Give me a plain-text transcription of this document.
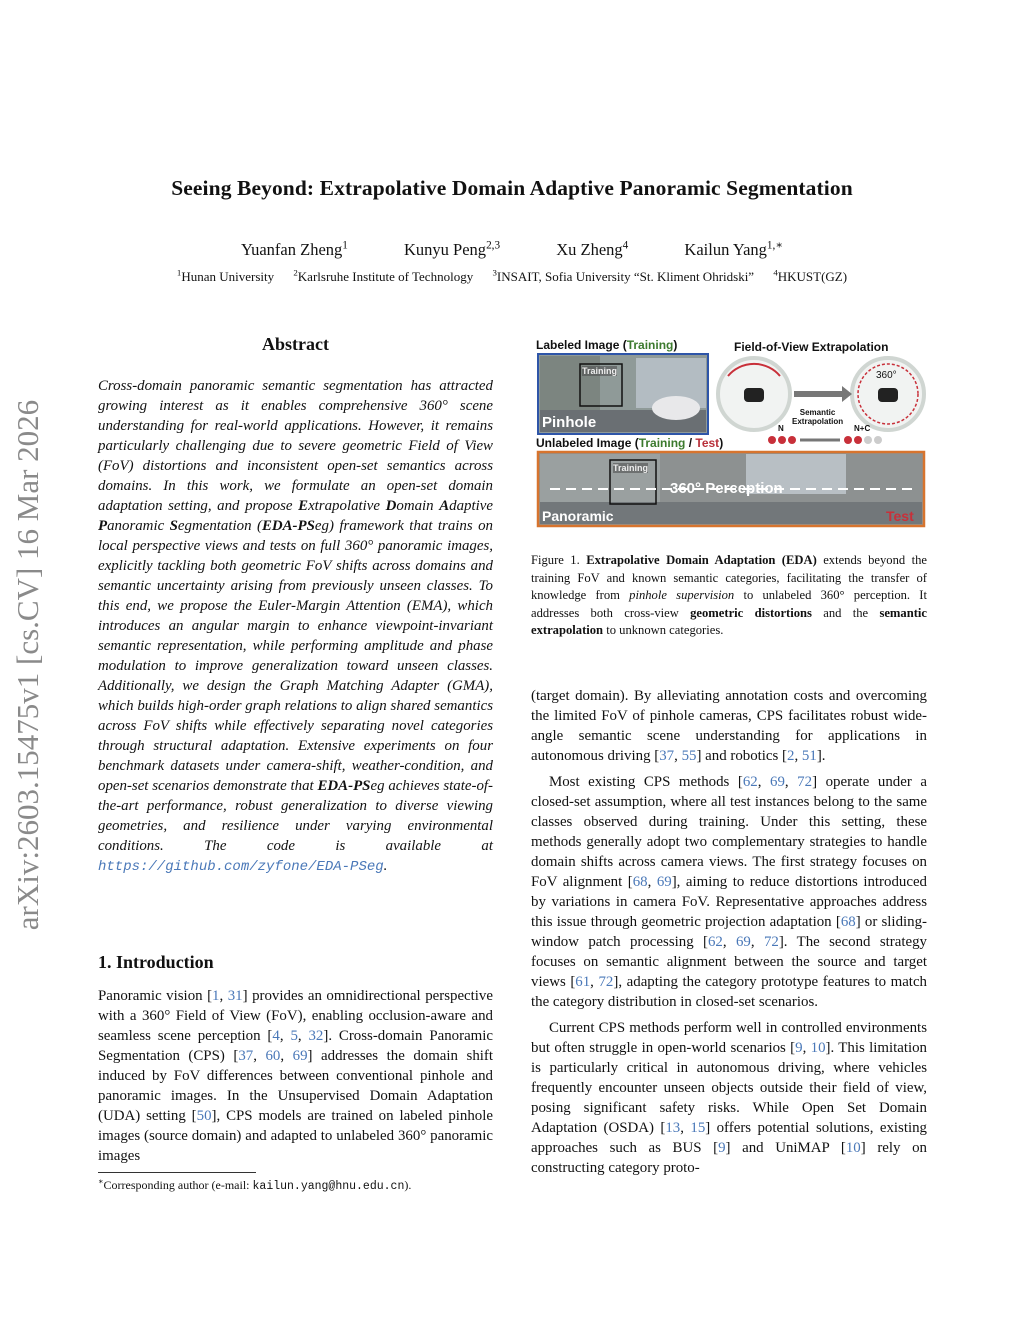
arXiv:2603.15475v1 [cs.CV] 16 Mar 2026
Seeing Beyond: Extrapolative Domain Adaptive Panoramic Segmentation
Yuanfan Zheng$^1$	Kunyu Peng$^{2,3}$	Xu Zheng$^4$	Kailun Yang$^{1,∗}$
$^1$Hunan University $^2$Karlsruhe Institute of Technology $^3$INSAIT, Sofia University “St. Kliment Ohridski” $^4$HKUST(GZ)
Abstract
Cross-domain panoramic semantic segmentation has attracted growing interest as it enables comprehensive 360° scene understanding for real-world applications. However, it remains particularly challenging due to severe geometric Field of View (FoV) distortions and inconsistent open-set semantics across domains. In this work, we formulate an open-set domain adaptation setting, and propose Extrapolative Domain Adaptive Panoramic Segmentation (EDA-PSeg) framework that trains on local perspective views and tests on full 360° panoramic images, explicitly tackling both geometric FoV shifts across domains and semantic uncertainty arising from previously unseen classes. To this end, we propose the Euler-Margin Attention (EMA), which introduces an angular margin to enhance viewpoint-invariant semantic representation, while performing amplitude and phase modulation to improve generalization toward unseen classes. Additionally, we design the Graph Matching Adapter (GMA), which builds high-order graph relations to align shared semantics across FoV shifts while effectively separating novel categories through structural adaptation. Extensive experiments on four benchmark datasets under camera-shift, weather-condition, and open-set scenarios demonstrate that EDA-PSeg achieves state-of-the-art performance, robust generalization to diverse viewing geometries, and resilience under varying environmental conditions. The code is available at https://github.com/zyfone/EDA-PSeg.
1. Introduction

Panoramic vision [1, 31] provides an omnidirectional perspective with a 360° Field of View (FoV), enabling occlusion-aware and seamless scene perception [4, 5, 32]. Cross-domain Panoramic Segmentation (CPS) [37, 60, 69] addresses the domain shift induced by FoV differences between conventional pinhole and panoramic images. In the Unsupervised Domain Adaptation (UDA) setting [50], CPS models are trained on labeled pinhole images (source domain) and adapted to unlabeled 360° panoramic images

∗Corresponding author (e-mail: kailun.yang@hnu.edu.cn).
Labeled Image (Training)	Field-of-View Extrapolation
Training
Pinhole
360°
Semantic
Extrapolation
N	N+C
Unlabeled Image (Training / Test)
Training
360° Perception
Panoramic	Test
Figure 1. Extrapolative Domain Adaptation (EDA) extends beyond the training FoV and known semantic categories, facilitating the transfer of knowledge from pinhole supervision to unlabeled 360° perception. It addresses both cross-view geometric distortions and the semantic extrapolation to unknown categories.

(target domain). By alleviating annotation costs and overcoming the limited FoV of pinhole cameras, CPS facilitates robust wide-angle semantic scene understanding for applications in autonomous driving [37, 55] and robotics [2, 51].

Most existing CPS methods [62, 69, 72] operate under a closed-set assumption, where all test instances belong to the same classes observed during training. Under this setting, these methods generally adopt two complementary strategies to handle domain shifts across camera views. The first strategy focuses on FoV alignment [68, 69], aiming to reduce distortions introduced by variations in camera FoV. Representative approaches address this issue through geometric projection adaptation [68] or sliding-window patch processing [62, 69, 72]. The second strategy focuses on semantic alignment between the source and target views [61, 72], adapting the category prototype features to match the category distribution in closed-set scenarios.

Current CPS methods perform well in controlled environments but often struggle in open-world scenarios [9, 10]. This limitation is particularly critical in autonomous driving, where vehicles frequently encounter unseen objects outside their field of view, posing significant safety risks. While Open Set Domain Adaptation (OSDA) [13, 15] offers potential solutions, existing approaches such as BUS [9] and UniMAP [10] rely on constructing category proto-
